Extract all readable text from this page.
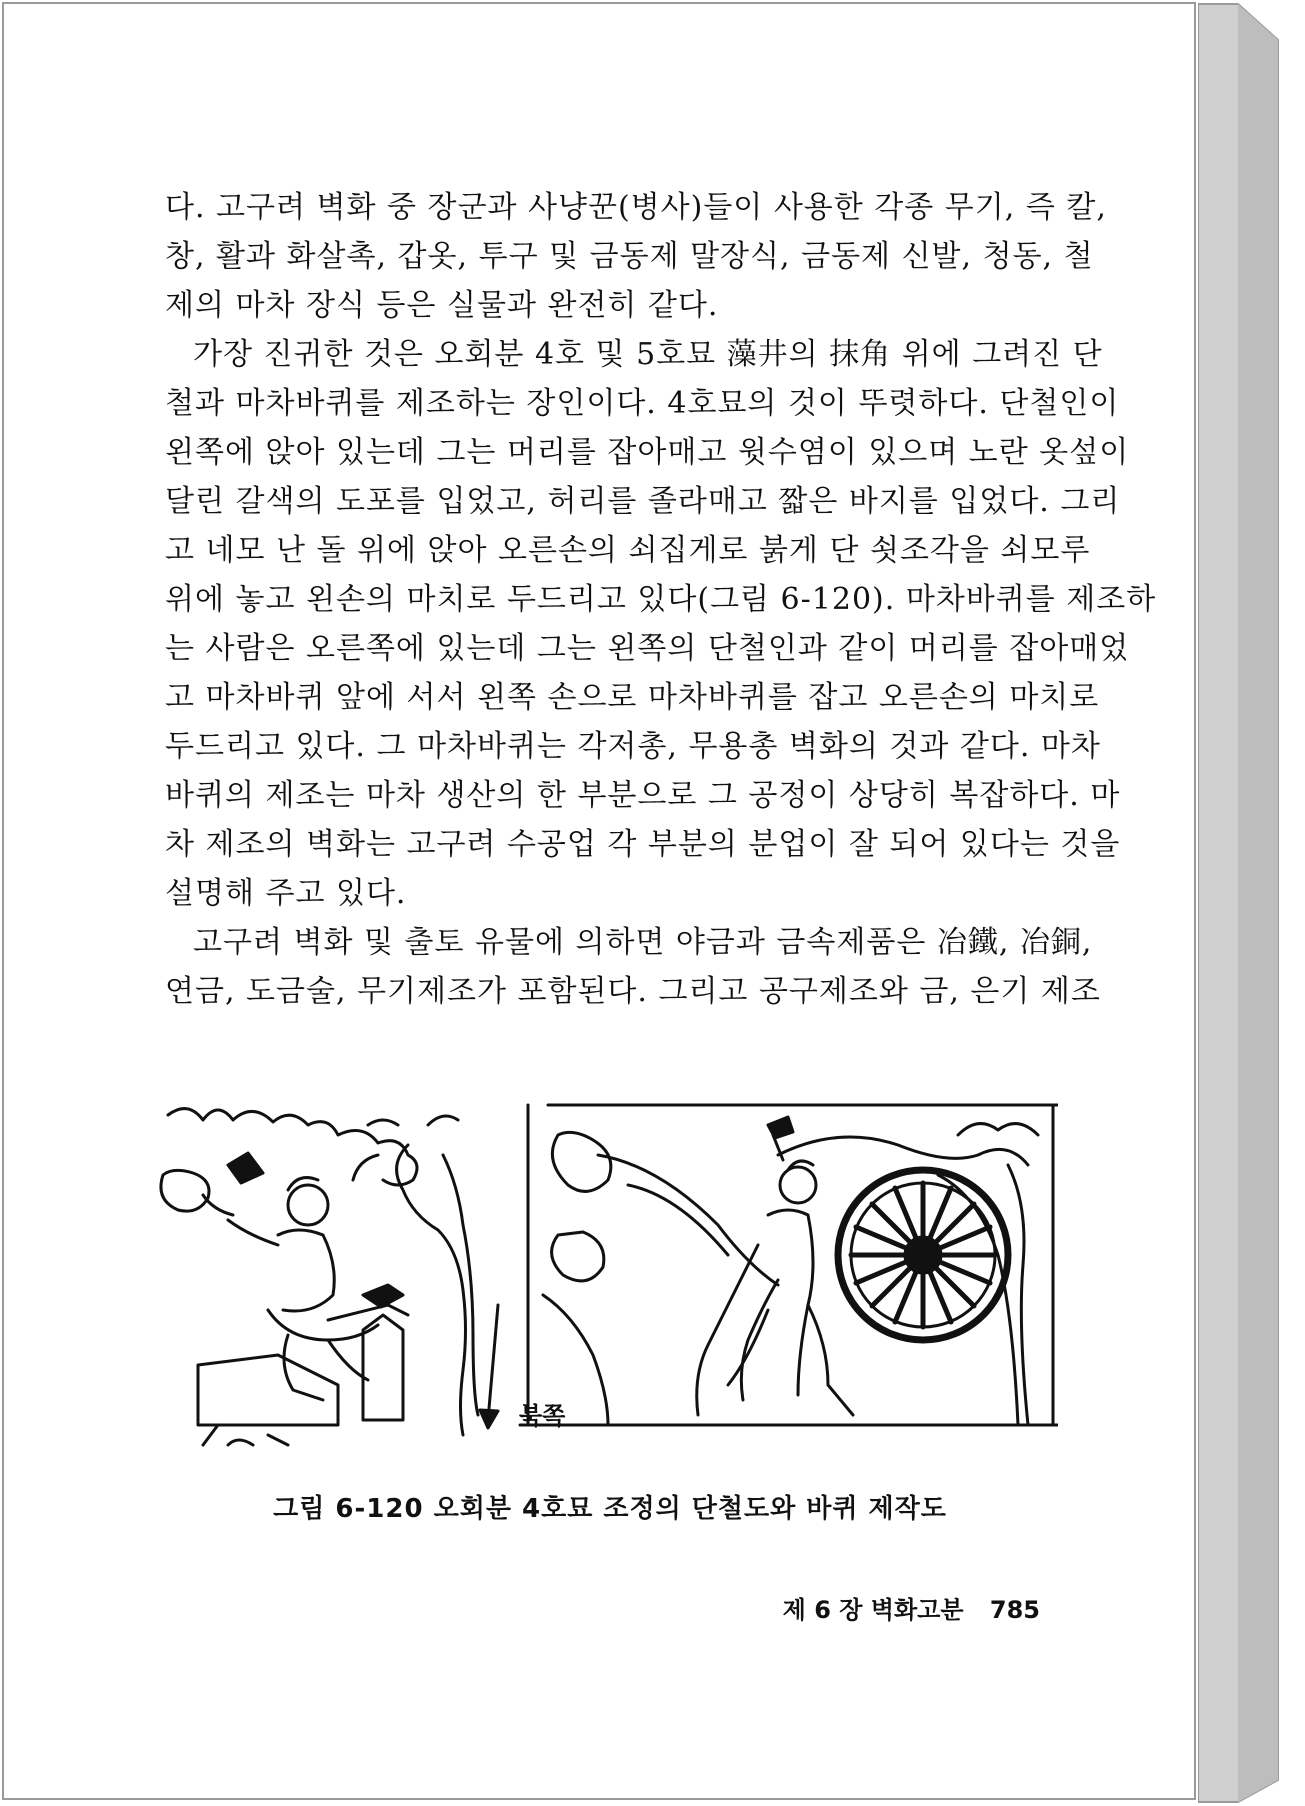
다. 고구려 벽화 중 장군과 사냥꾼(병사)들이 사용한 각종 무기, 즉 칼,
창, 활과 화살촉, 갑옷, 투구 및 금동제 말장식, 금동제 신발, 청동, 철
제의 마차 장식 등은 실물과 완전히 같다.

가장 진귀한 것은 오회분 4호 및 5호묘 藻井의 抹角 위에 그려진 단
철과 마차바퀴를 제조하는 장인이다. 4호묘의 것이 뚜렷하다. 단철인이
왼쪽에 앉아 있는데 그는 머리를 잡아매고 윗수염이 있으며 노란 옷섶이
달린 갈색의 도포를 입었고, 허리를 졸라매고 짧은 바지를 입었다. 그리
고 네모 난 돌 위에 앉아 오른손의 쇠집게로 붉게 단 쇳조각을 쇠모루
위에 놓고 왼손의 마치로 두드리고 있다(그림 6-120). 마차바퀴를 제조하
는 사람은 오른쪽에 있는데 그는 왼쪽의 단철인과 같이 머리를 잡아매었
고 마차바퀴 앞에 서서 왼쪽 손으로 마차바퀴를 잡고 오른손의 마치로
두드리고 있다. 그 마차바퀴는 각저총, 무용총 벽화의 것과 같다. 마차
바퀴의 제조는 마차 생산의 한 부분으로 그 공정이 상당히 복잡하다. 마
차 제조의 벽화는 고구려 수공업 각 부분의 분업이 잘 되어 있다는 것을
설명해 주고 있다.

고구려 벽화 및 출토 유물에 의하면 야금과 금속제품은 冶鐵, 冶銅,
연금, 도금술, 무기제조가 포함된다. 그리고 공구제조와 금, 은기 제조

북쪽
그림 6-120 오회분 4호묘 조정의 단철도와 바퀴 제작도
제 6 장 벽화고분 785
